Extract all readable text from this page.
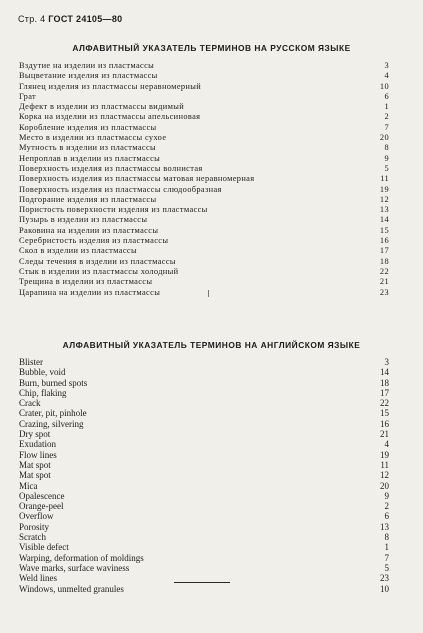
Стр. 4 ГОСТ 24105—80
АЛФАВИТНЫЙ УКАЗАТЕЛЬ ТЕРМИНОВ НА РУССКОМ ЯЗЫКЕ
Вздутие на изделии из пластмассы	3
Выцветание изделия из пластмассы	4
Глянец изделия из пластмассы неравномерный	10
Грат	6
Дефект в изделии из пластмассы видимый	1
Корка на изделии из пластмассы апельсиновая	2
Коробление изделия из пластмассы	7
Место в изделии из пластмассы сухое	20
Мутность в изделии из пластмассы	8
Непроплав в изделии из пластмассы	9
Поверхность изделия из пластмассы волнистая	5
Поверхность изделия из пластмассы матовая неравномерная	11
Поверхность изделия из пластмассы слюдообразная	19
Подгорание изделия из пластмассы	12
Пористость поверхности изделия из пластмассы	13
Пузырь в изделии из пластмассы	14
Раковина на изделии из пластмассы	15
Серебристость изделия из пластмассы	16
Скол в изделии из пластмассы	17
Следы течения в изделии из пластмассы	18
Стык в изделии из пластмассы холодный	22
Трещина в изделии из пластмассы	21
Царапина на изделии из пластмассы	23
АЛФАВИТНЫЙ УКАЗАТЕЛЬ ТЕРМИНОВ НА АНГЛИЙСКОМ ЯЗЫКЕ
Blister	3
Bubble, void	14
Burn, burned spots	18
Chip, flaking	17
Crack	22
Crater, pit, pinhole	15
Crazing, silvering	16
Dry spot	21
Exudation	4
Flow lines	19
Mat spot	11
Mat spot	12
Mica	20
Opalescence	9
Orange-peel	2
Overflow	6
Porosity	13
Scratch	8
Visible defect	1
Warping, deformation of moldings	7
Wave marks, surface waviness	5
Weld lines	23
Windows, unmelted granules	10
